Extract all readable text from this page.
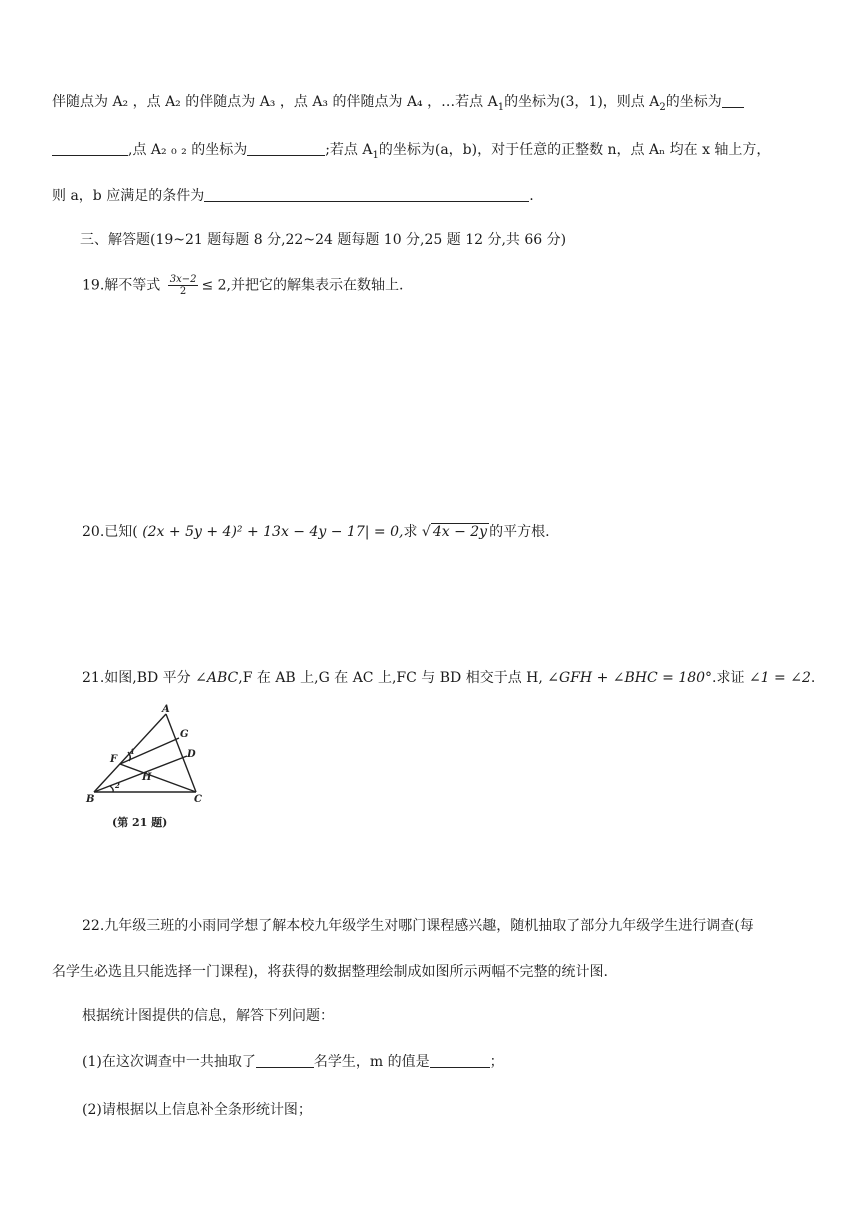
伴随点为 A₂ ，点 A₂ 的伴随点为 A₃ ，点 A₃ 的伴随点为 A₄ ，…若点 $A_1$的坐标为(3，1)，则点 $A_2$的坐标为
,点 A₂ ₀ ₂ 的坐标为	;若点 $A_1$的坐标为(a，b)，对于任意的正整数 n，点 Aₙ 均在 x 轴上方，
则 a，b 应满足的条件为	.
三、解答题(19~21 题每题 8 分,22~24 题每题 10 分,25 题 12 分,共 66 分)
19.解不等式 $\frac{3x-2}{2} \le 2$,并把它的解集表示在数轴上.
20.已知( (2x + 5y + 4)² + 13x − 4y − 17| = 0,求 √ 4x − 2y 的平方根.
21.如图,BD 平分 ∠ABC,F 在 AB 上,G 在 AC 上,FC 与 BD 相交于点 H, ∠GFH + ∠BHC = 180°.求证 ∠1 = ∠2.
A
G
F	D
H
B	C
1
2
(第 21 题)
22.九年级三班的小雨同学想了解本校九年级学生对哪门课程感兴趣，随机抽取了部分九年级学生进行调查(每
名学生必选且只能选择一门课程)，将获得的数据整理绘制成如图所示两幅不完整的统计图.
根据统计图提供的信息，解答下列问题：
(1)在这次调查中一共抽取了	名学生，m 的值是	；
(2)请根据以上信息补全条形统计图；
